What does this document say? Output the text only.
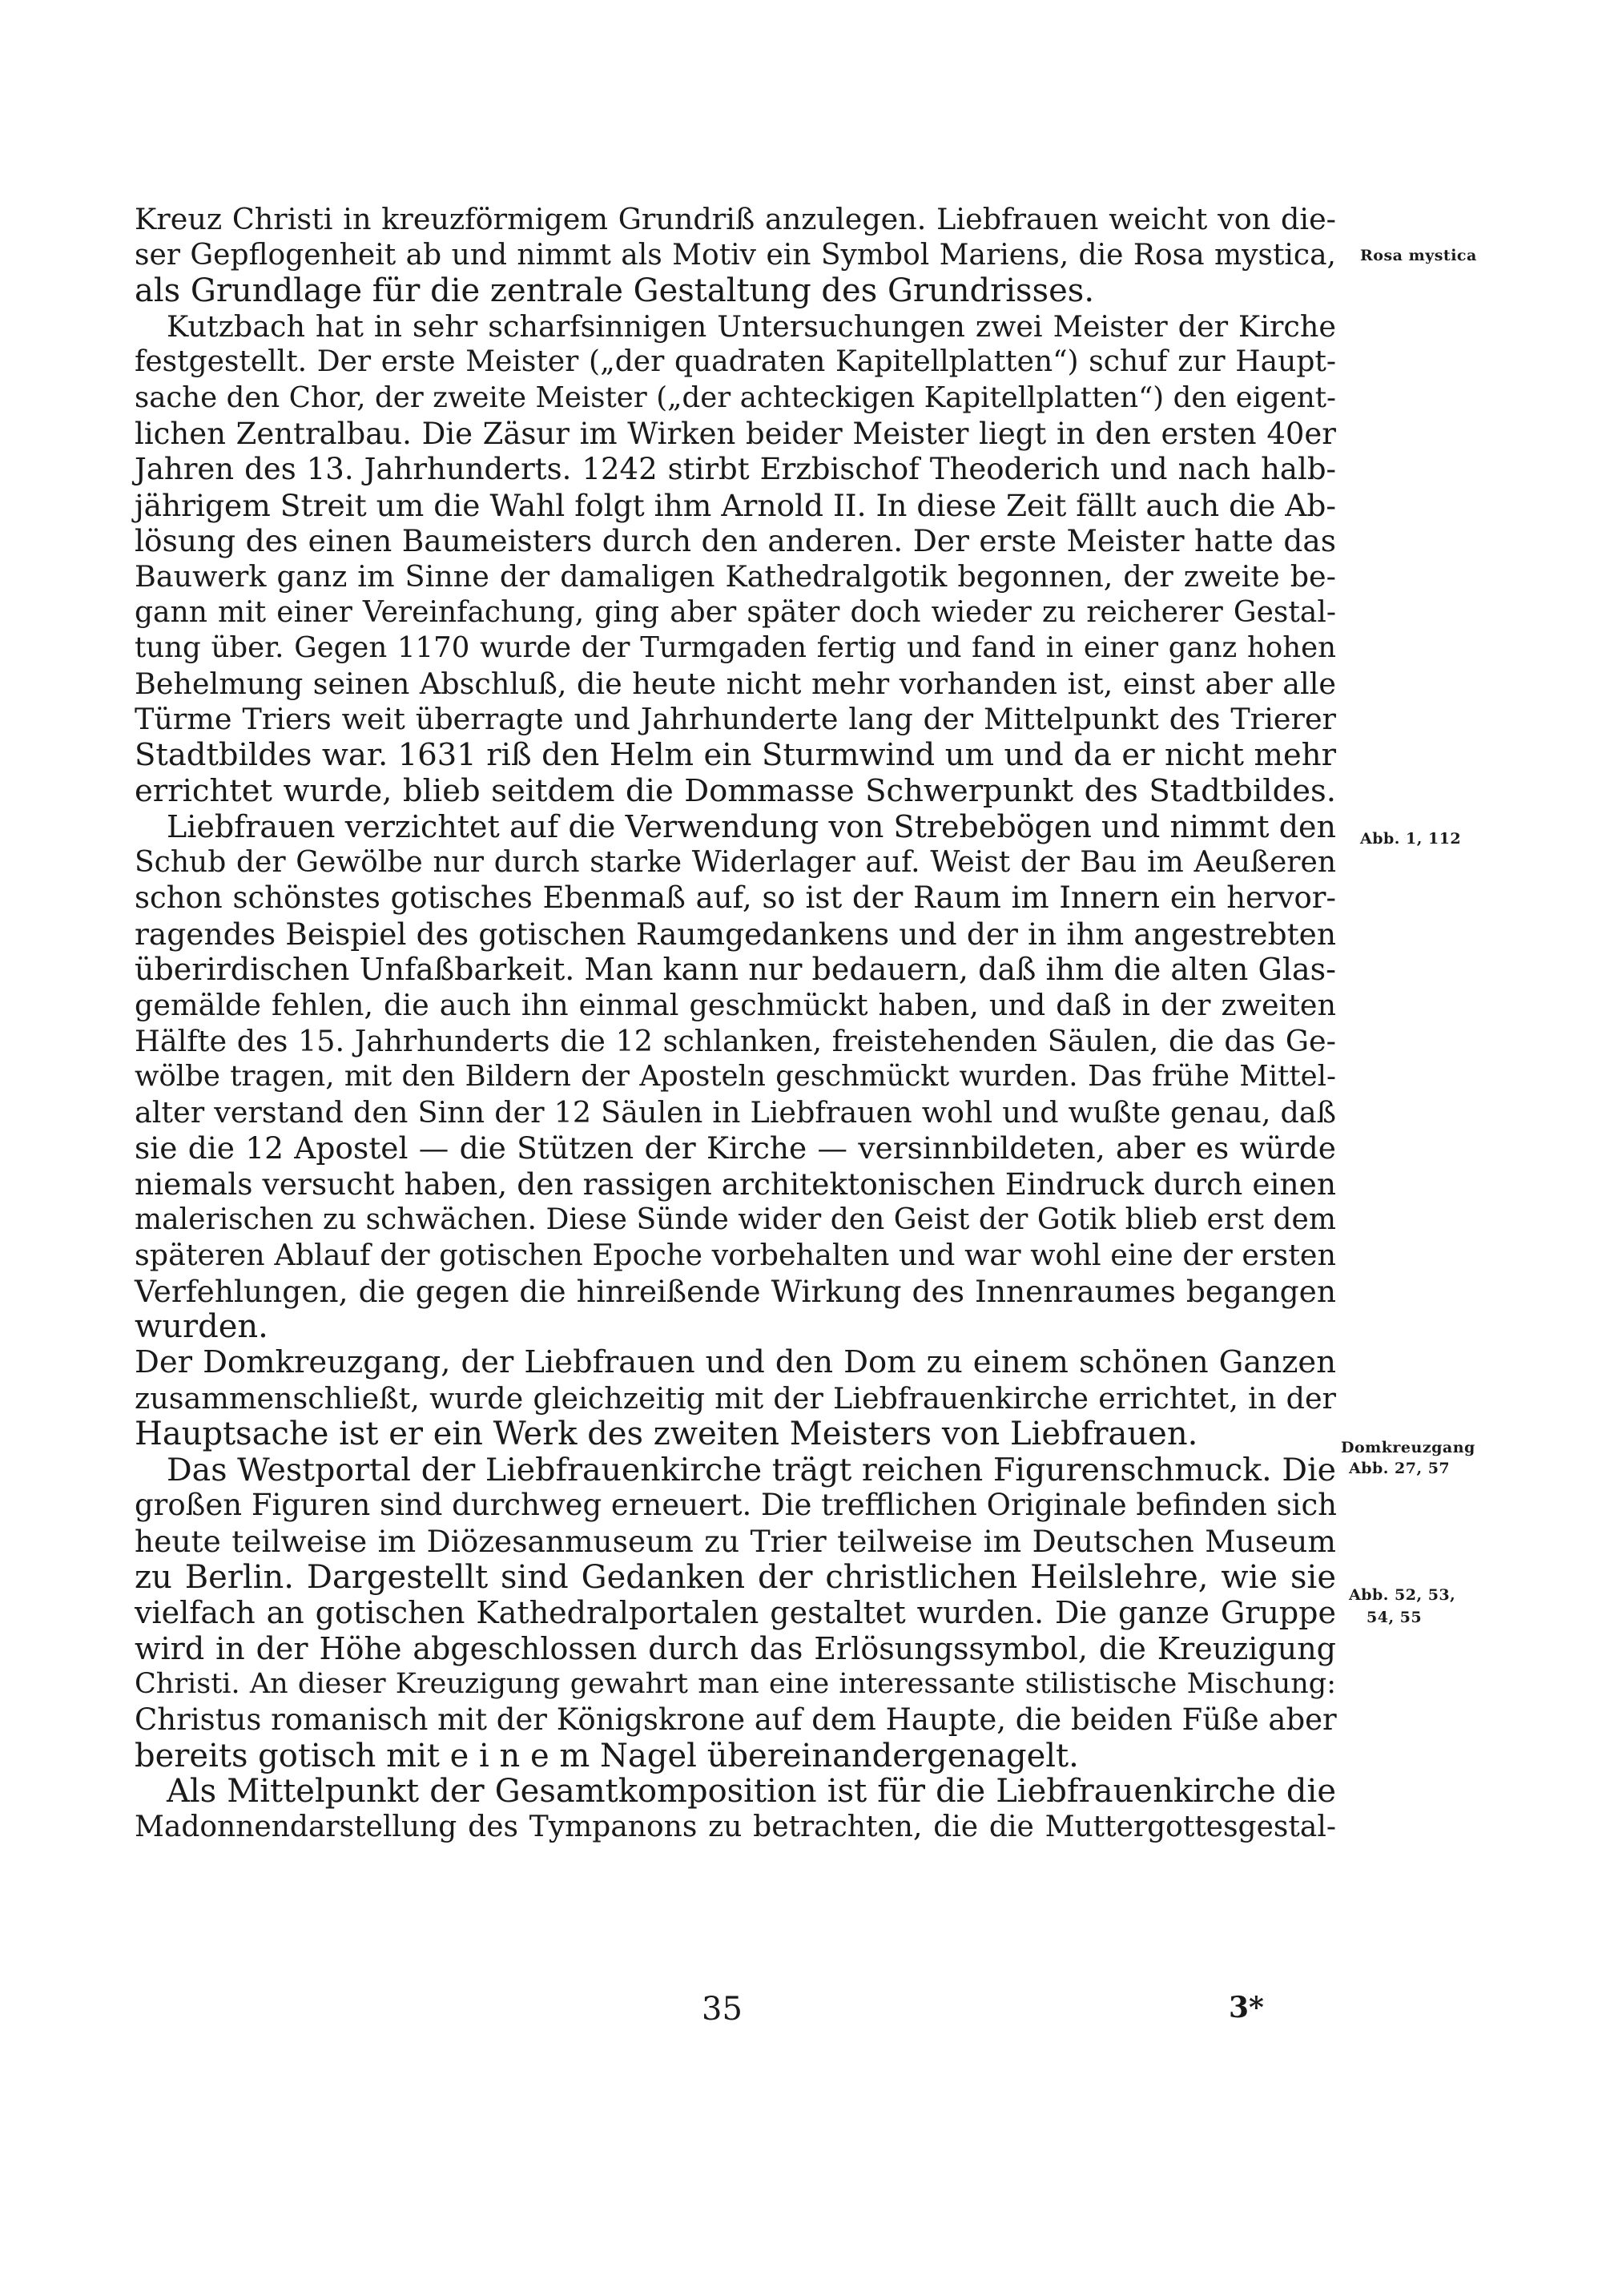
Kreuz Christi in kreuzförmigem Grundriß anzulegen. Liebfrauen weicht von die-
ser Gepflogenheit ab und nimmt als Motiv ein Symbol Mariens, die Rosa mystica,
als Grundlage für die zentrale Gestaltung des Grundrisses.
Kutzbach hat in sehr scharfsinnigen Untersuchungen zwei Meister der Kirche
festgestellt. Der erste Meister („der quadraten Kapitellplatten“) schuf zur Haupt-
sache den Chor, der zweite Meister („der achteckigen Kapitellplatten“) den eigent-
lichen Zentralbau. Die Zäsur im Wirken beider Meister liegt in den ersten 40er
Jahren des 13. Jahrhunderts. 1242 stirbt Erzbischof Theoderich und nach halb-
jährigem Streit um die Wahl folgt ihm Arnold II. In diese Zeit fällt auch die Ab-
lösung des einen Baumeisters durch den anderen. Der erste Meister hatte das
Bauwerk ganz im Sinne der damaligen Kathedralgotik begonnen, der zweite be-
gann mit einer Vereinfachung, ging aber später doch wieder zu reicherer Gestal-
tung über. Gegen 1170 wurde der Turmgaden fertig und fand in einer ganz hohen
Behelmung seinen Abschluß, die heute nicht mehr vorhanden ist, einst aber alle
Türme Triers weit überragte und Jahrhunderte lang der Mittelpunkt des Trierer
Stadtbildes war. 1631 riß den Helm ein Sturmwind um und da er nicht mehr
errichtet wurde, blieb seitdem die Dommasse Schwerpunkt des Stadtbildes.
Liebfrauen verzichtet auf die Verwendung von Strebebögen und nimmt den
Schub der Gewölbe nur durch starke Widerlager auf. Weist der Bau im Aeußeren
schon schönstes gotisches Ebenmaß auf, so ist der Raum im Innern ein hervor-
ragendes Beispiel des gotischen Raumgedankens und der in ihm angestrebten
überirdischen Unfaßbarkeit. Man kann nur bedauern, daß ihm die alten Glas-
gemälde fehlen, die auch ihn einmal geschmückt haben, und daß in der zweiten
Hälfte des 15. Jahrhunderts die 12 schlanken, freistehenden Säulen, die das Ge-
wölbe tragen, mit den Bildern der Aposteln geschmückt wurden. Das frühe Mittel-
alter verstand den Sinn der 12 Säulen in Liebfrauen wohl und wußte genau, daß
sie die 12 Apostel — die Stützen der Kirche — versinnbildeten, aber es würde
niemals versucht haben, den rassigen architektonischen Eindruck durch einen
malerischen zu schwächen. Diese Sünde wider den Geist der Gotik blieb erst dem
späteren Ablauf der gotischen Epoche vorbehalten und war wohl eine der ersten
Verfehlungen, die gegen die hinreißende Wirkung des Innenraumes begangen
wurden.
Der Domkreuzgang, der Liebfrauen und den Dom zu einem schönen Ganzen
zusammenschließt, wurde gleichzeitig mit der Liebfrauenkirche errichtet, in der
Hauptsache ist er ein Werk des zweiten Meisters von Liebfrauen.
Das Westportal der Liebfrauenkirche trägt reichen Figurenschmuck. Die
großen Figuren sind durchweg erneuert. Die trefflichen Originale befinden sich
heute teilweise im Diözesanmuseum zu Trier teilweise im Deutschen Museum
zu Berlin. Dargestellt sind Gedanken der christlichen Heilslehre, wie sie
vielfach an gotischen Kathedralportalen gestaltet wurden. Die ganze Gruppe
wird in der Höhe abgeschlossen durch das Erlösungssymbol, die Kreuzigung
Christi. An dieser Kreuzigung gewahrt man eine interessante stilistische Mischung:
Christus romanisch mit der Königskrone auf dem Haupte, die beiden Füße aber
bereits gotisch mit e i n e m Nagel übereinandergenagelt.
Als Mittelpunkt der Gesamtkomposition ist für die Liebfrauenkirche die
Madonnendarstellung des Tympanons zu betrachten, die die Muttergottesgestal-
Rosa mystica
Abb. 1, 112
Domkreuzgang
Abb. 27, 57
Abb. 52, 53,
54, 55
35	3*
